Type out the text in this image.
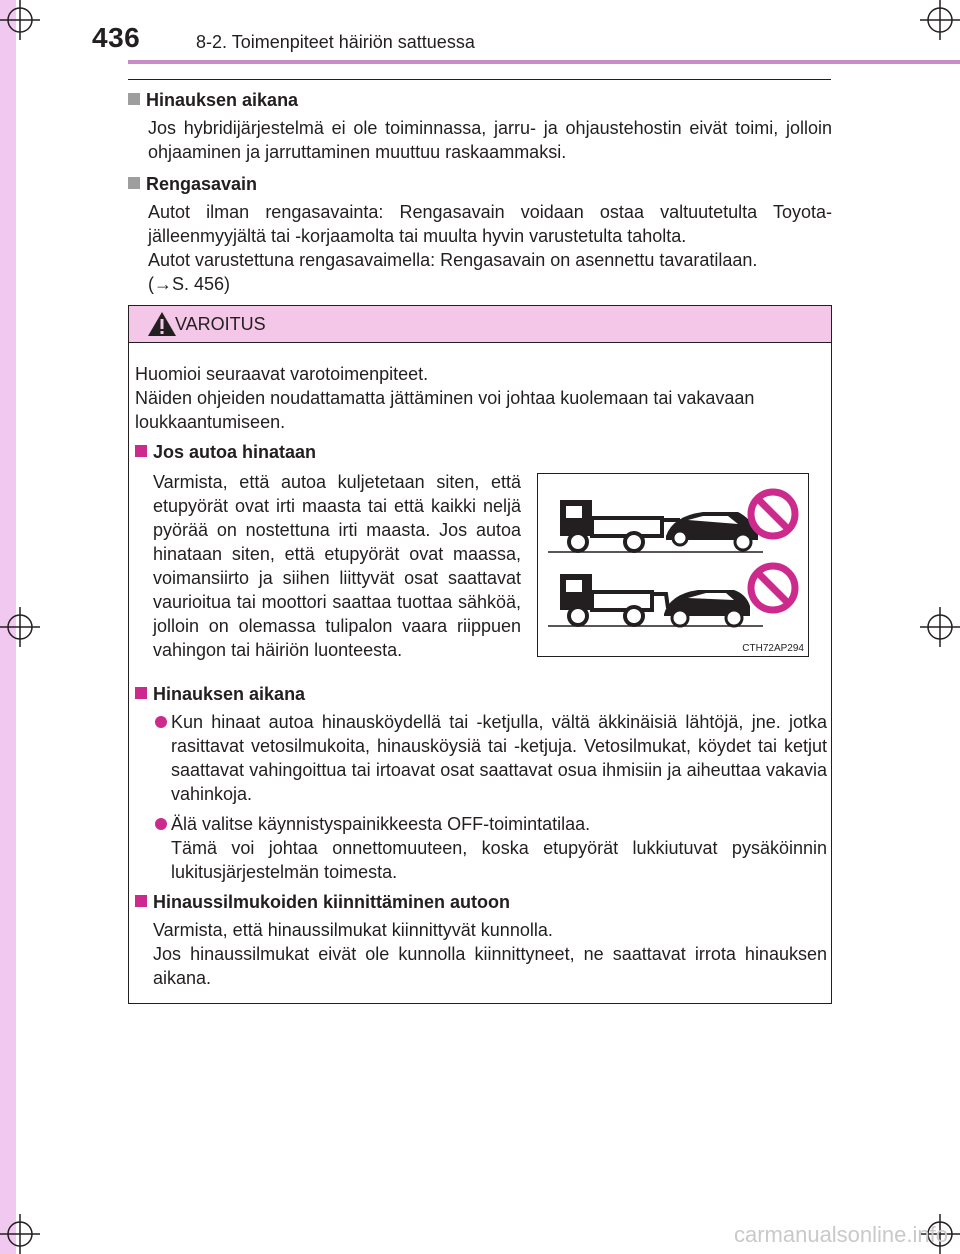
436	8-2. Toimenpiteet häiriön sattuessa

Hinauksen aikana

Jos hybridijärjestelmä ei ole toiminnassa, jarru- ja ohjaustehostin eivät toimi, jolloin ohjaaminen ja jarruttaminen muuttuu raskaammaksi.

Rengasavain

Autot ilman rengasavainta: Rengasavain voidaan ostaa valtuutetulta Toyota-jälleenmyyjältä tai -korjaamolta tai muulta hyvin varustetulta taholta.

Autot varustettuna rengasavaimella: Rengasavain on asennettu tavaratilaan.

(→S. 456)

VAROITUS

Huomioi seuraavat varotoimenpiteet.

Näiden ohjeiden noudattamatta jättäminen voi johtaa kuolemaan tai vakavaan loukkaantumiseen.

Jos autoa hinataan

Varmista, että autoa kuljetetaan siten, että etupyörät ovat irti maasta tai että kaikki neljä pyörää on nostettuna irti maasta. Jos autoa hinataan siten, että etupyörät ovat maassa, voimansiirto ja siihen liittyvät osat saattavat vaurioitua tai moottori saattaa tuottaa sähköä, jolloin on olemassa tulipalon vaara riippuen vahingon tai häiriön luonteesta.	CTH72AP294

Hinauksen aikana

Kun hinaat autoa hinausköydellä tai -ketjulla, vältä äkkinäisiä lähtöjä, jne. jotka rasittavat vetosilmukoita, hinausköysiä tai -ketjuja. Vetosilmukat, köydet tai ketjut saattavat vahingoittua tai irtoavat osat saattavat osua ihmisiin ja aiheuttaa vakavia vahinkoja.

Älä valitse käynnistyspainikkeesta OFF-toimintatilaa.

Tämä voi johtaa onnettomuuteen, koska etupyörät lukkiutuvat pysäköinnin lukitusjärjestelmän toimesta.

Hinaussilmukoiden kiinnittäminen autoon

Varmista, että hinaussilmukat kiinnittyvät kunnolla.

Jos hinaussilmukat eivät ole kunnolla kiinnittyneet, ne saattavat irrota hinauksen aikana.

carmanualsonline.info
